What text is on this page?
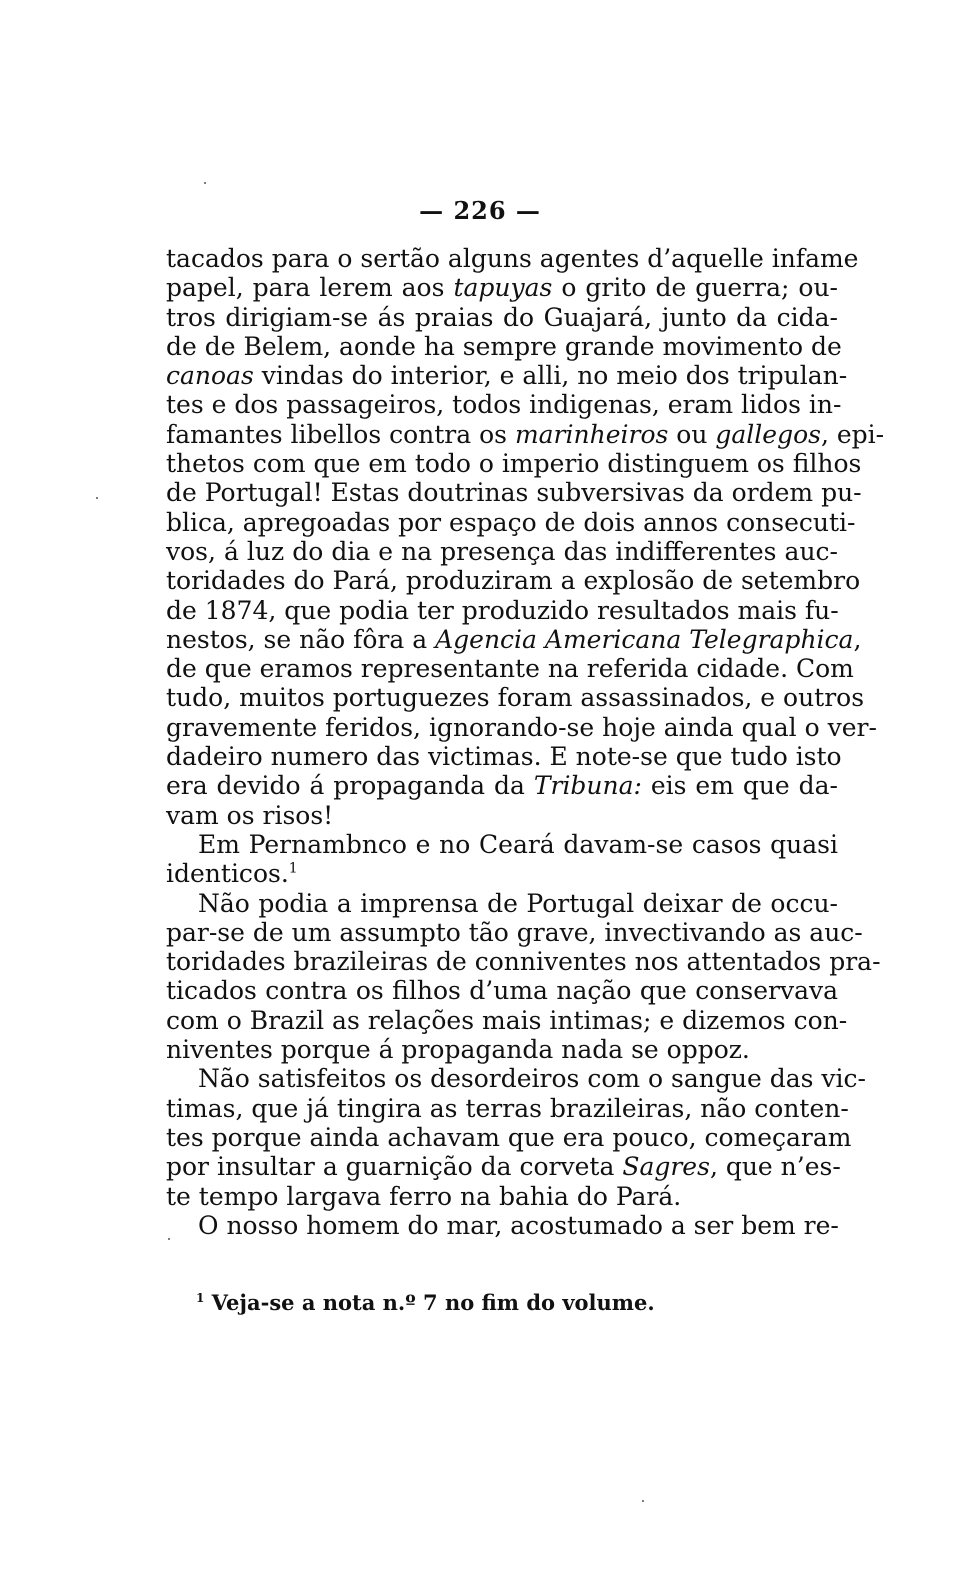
— 226 —
tacados para o sertão alguns agentes d’aquelle infame
papel, para lerem aos tapuyas o grito de guerra; ou-
tros dirigiam-se ás praias do Guajará, junto da cida-
de de Belem, aonde ha sempre grande movimento de
canoas vindas do interior, e alli, no meio dos tripulan-
tes e dos passageiros, todos indigenas, eram lidos in-
famantes libellos contra os marinheiros ou gallegos, epi-
thetos com que em todo o imperio distinguem os filhos
de Portugal! Estas doutrinas subversivas da ordem pu-
blica, apregoadas por espaço de dois annos consecuti-
vos, á luz do dia e na presença das indifferentes auc-
toridades do Pará, produziram a explosão de setembro
de 1874, que podia ter produzido resultados mais fu-
nestos, se não fôra a Agencia Americana Telegraphica,
de que eramos representante na referida cidade. Com
tudo, muitos portuguezes foram assassinados, e outros
gravemente feridos, ignorando-se hoje ainda qual o ver-
dadeiro numero das victimas. E note-se que tudo isto
era devido á propaganda da Tribuna: eis em que da-
vam os risos!
Em Pernambnco e no Ceará davam-se casos quasi
identicos.$^1$
Não podia a imprensa de Portugal deixar de occu-
par-se de um assumpto tão grave, invectivando as auc-
toridades brazileiras de conniventes nos attentados pra-
ticados contra os filhos d’uma nação que conservava
com o Brazil as relações mais intimas; e dizemos con-
niventes porque á propaganda nada se oppoz.
Não satisfeitos os desordeiros com o sangue das vic-
timas, que já tingira as terras brazileiras, não conten-
tes porque ainda achavam que era pouco, começaram
por insultar a guarnição da corveta Sagres, que n’es-
te tempo largava ferro na bahia do Pará.
O nosso homem do mar, acostumado a ser bem re-
$^1$ Veja-se a nota n.º 7 no fim do volume.
